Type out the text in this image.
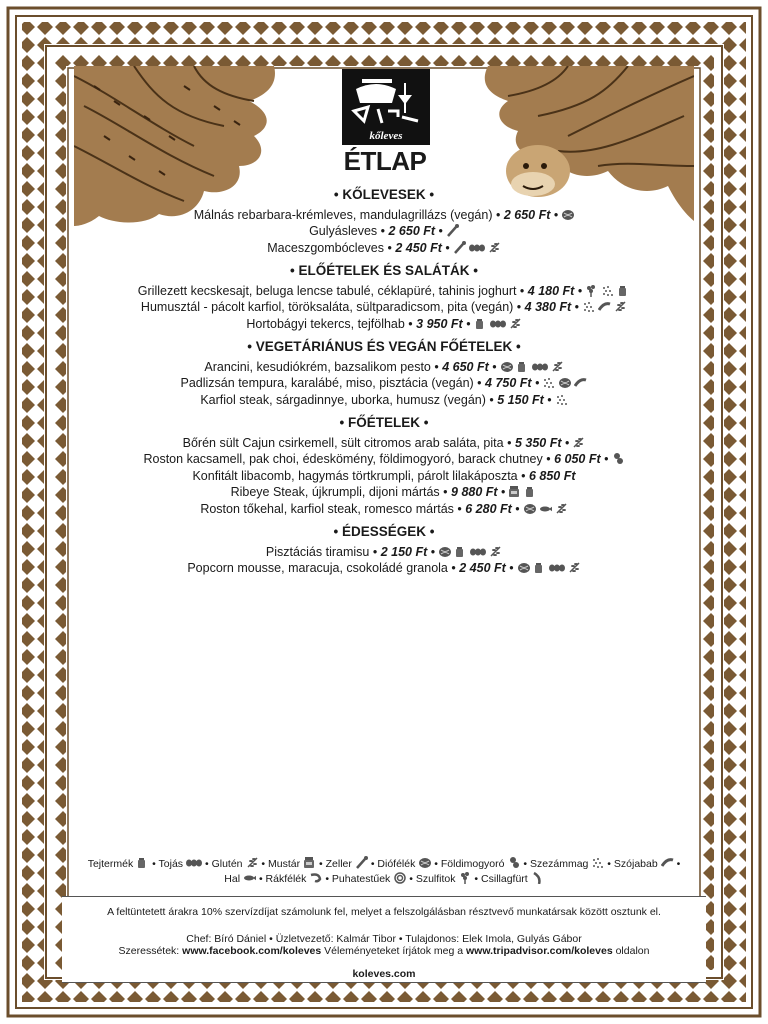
kőleves
ÉTLAP
• KŐLEVESEK •
Málnás rebarbara-krémleves, mandulagrillázs (vegán) • 2 650 Ft •
Gulyásleves • 2 650 Ft •
Maceszgombócleves • 2 450 Ft •
• ELŐÉTELEK ÉS SALÁTÁK •
Grillezett kecskesajt, beluga lencse tabulé, céklapüré, tahinis joghurt • 4 180 Ft •
Humusztál - pácolt karfiol, töröksaláta, sültparadicsom, pita (vegán) • 4 380 Ft •
Hortobágyi tekercs, tejfölhab • 3 950 Ft •
• VEGETÁRIÁNUS ÉS VEGÁN FŐÉTELEK •
Arancini, kesudiókrém, bazsalikom pesto • 4 650 Ft •
Padlizsán tempura, karalábé, miso, pisztácia (vegán) • 4 750 Ft •
Karfiol steak, sárgadinnye, uborka, humusz (vegán) • 5 150 Ft •
• FŐÉTELEK •
Bőrén sült Cajun csirkemell, sült citromos arab saláta, pita • 5 350 Ft •
Roston kacsamell, pak choi, édeskömény, földimogyoró, barack chutney • 6 050 Ft •
Konfitált libacomb, hagymás törtkrumpli, párolt lilakáposzta • 6 850 Ft
Ribeye Steak, újkrumpli, dijoni mártás • 9 880 Ft •
Roston tőkehal, karfiol steak, romesco mártás • 6 280 Ft •
• ÉDESSÉGEK •
Pisztáciás tiramisu • 2 150 Ft •
Popcorn mousse, maracuja, csokoládé granola • 2 450 Ft •
Tejtermék • Tojás • Glutén • Mustár • Zeller • Diófélék • Földimogyoró • Szezámmag • Szójabab •
Hal • Rákfélék • Puhatestűek • Szulfitok • Csillagfürt

A feltüntetett árakra 10% szervízdíjat számolunk fel, melyet a felszolgálásban résztvevő munkatársak között osztunk el.

Chef: Bíró Dániel • Üzletvezető: Kalmár Tibor • Tulajdonos: Elek Imola, Gulyás Gábor

Szeressétek: www.facebook.com/koleves Véleményeteket írjátok meg a www.tripadvisor.com/koleves oldalon

koleves.com
